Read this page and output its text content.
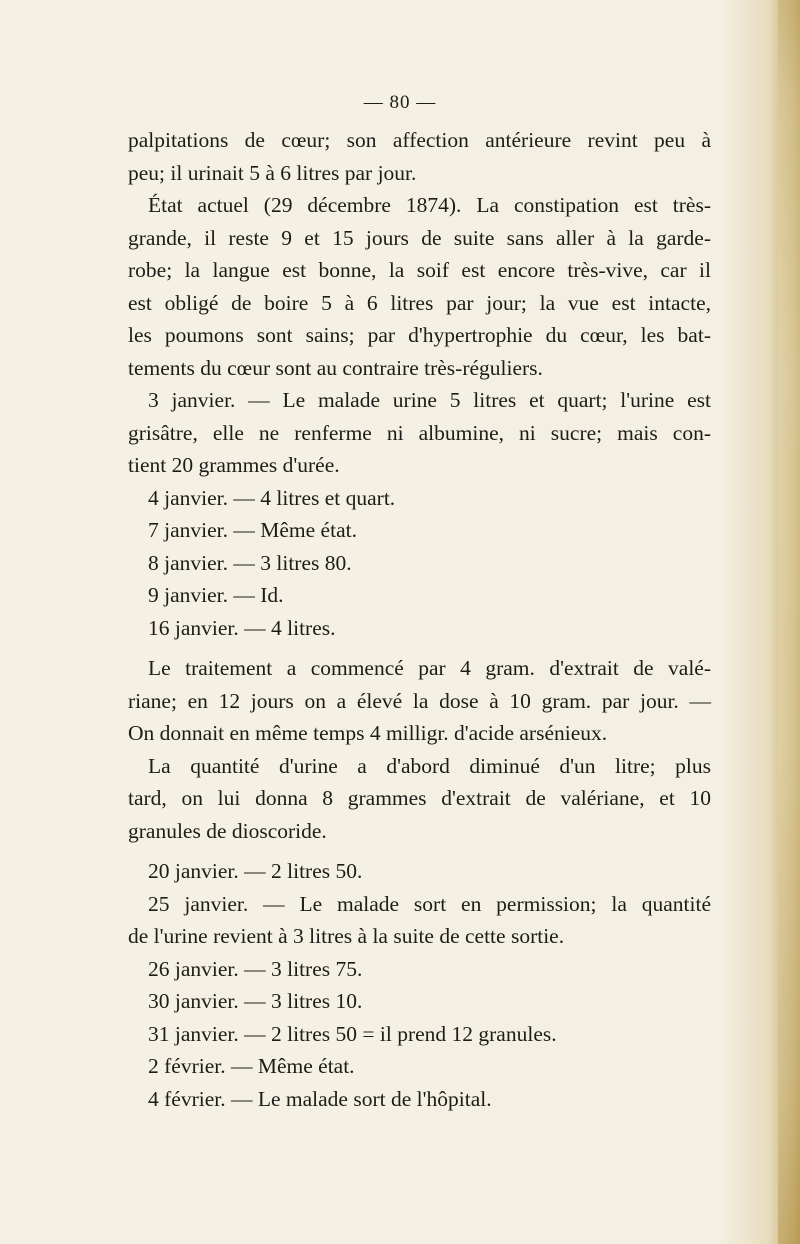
— 80 —
palpitations de cœur; son affection antérieure revint peu à
peu; il urinait 5 à 6 litres par jour.
État actuel (29 décembre 1874). La constipation est très-
grande, il reste 9 et 15 jours de suite sans aller à la garde-
robe; la langue est bonne, la soif est encore très-vive, car il
est obligé de boire 5 à 6 litres par jour; la vue est intacte,
les poumons sont sains; par d'hypertrophie du cœur, les bat-
tements du cœur sont au contraire très-réguliers.
3 janvier. — Le malade urine 5 litres et quart; l'urine est
grisâtre, elle ne renferme ni albumine, ni sucre; mais con-
tient 20 grammes d'urée.
4 janvier. — 4 litres et quart.
7 janvier. — Même état.
8 janvier. — 3 litres 80.
9 janvier. — Id.
16 janvier. — 4 litres.
Le traitement a commencé par 4 gram. d'extrait de valé-
riane; en 12 jours on a élevé la dose à 10 gram. par jour. —
On donnait en même temps 4 milligr. d'acide arsénieux.
La quantité d'urine a d'abord diminué d'un litre; plus
tard, on lui donna 8 grammes d'extrait de valériane, et 10
granules de dioscoride.
20 janvier. — 2 litres 50.
25 janvier. — Le malade sort en permission; la quantité
de l'urine revient à 3 litres à la suite de cette sortie.
26 janvier. — 3 litres 75.
30 janvier. — 3 litres 10.
31 janvier. — 2 litres 50 = il prend 12 granules.
2 février. — Même état.
4 février. — Le malade sort de l'hôpital.
